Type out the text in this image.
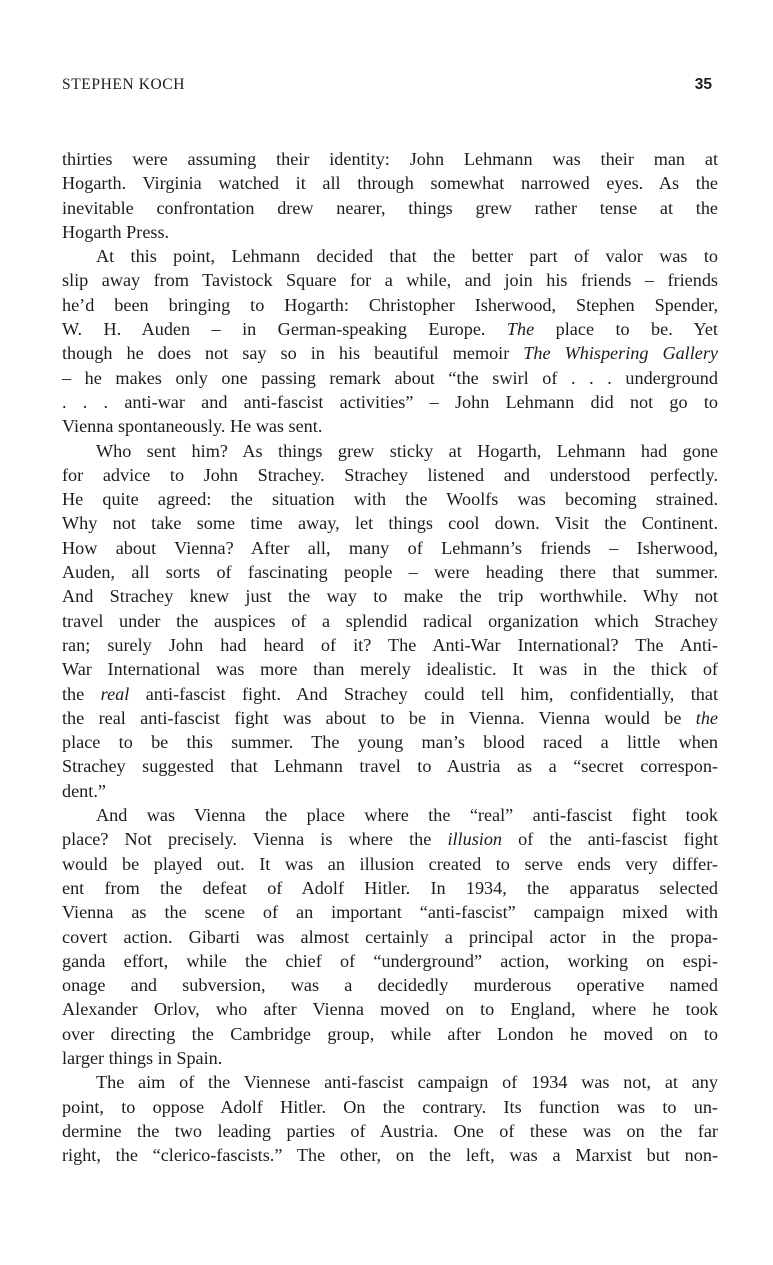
STEPHEN KOCH	35
thirties were assuming their identity: John Lehmann was their man at
Hogarth. Virginia watched it all through somewhat narrowed eyes. As the
inevitable confrontation drew nearer, things grew rather tense at the
Hogarth Press.
At this point, Lehmann decided that the better part of valor was to
slip away from Tavistock Square for a while, and join his friends – friends
he’d been bringing to Hogarth: Christopher Isherwood, Stephen Spender,
W. H. Auden – in German-speaking Europe. The place to be. Yet
though he does not say so in his beautiful memoir The Whispering Gallery
– he makes only one passing remark about “the swirl of . . . underground
. . . anti-war and anti-fascist activities” – John Lehmann did not go to
Vienna spontaneously. He was sent.
Who sent him? As things grew sticky at Hogarth, Lehmann had gone
for advice to John Strachey. Strachey listened and understood perfectly.
He quite agreed: the situation with the Woolfs was becoming strained.
Why not take some time away, let things cool down. Visit the Continent.
How about Vienna? After all, many of Lehmann’s friends – Isherwood,
Auden, all sorts of fascinating people – were heading there that summer.
And Strachey knew just the way to make the trip worthwhile. Why not
travel under the auspices of a splendid radical organization which Strachey
ran; surely John had heard of it? The Anti-War International? The Anti-
War International was more than merely idealistic. It was in the thick of
the real anti-fascist fight. And Strachey could tell him, confidentially, that
the real anti-fascist fight was about to be in Vienna. Vienna would be the
place to be this summer. The young man’s blood raced a little when
Strachey suggested that Lehmann travel to Austria as a “secret correspon-
dent.”
And was Vienna the place where the “real” anti-fascist fight took
place? Not precisely. Vienna is where the illusion of the anti-fascist fight
would be played out. It was an illusion created to serve ends very differ-
ent from the defeat of Adolf Hitler. In 1934, the apparatus selected
Vienna as the scene of an important “anti-fascist” campaign mixed with
covert action. Gibarti was almost certainly a principal actor in the propa-
ganda effort, while the chief of “underground” action, working on espi-
onage and subversion, was a decidedly murderous operative named
Alexander Orlov, who after Vienna moved on to England, where he took
over directing the Cambridge group, while after London he moved on to
larger things in Spain.
The aim of the Viennese anti-fascist campaign of 1934 was not, at any
point, to oppose Adolf Hitler. On the contrary. Its function was to un-
dermine the two leading parties of Austria. One of these was on the far
right, the “clerico-fascists.” The other, on the left, was a Marxist but non-
